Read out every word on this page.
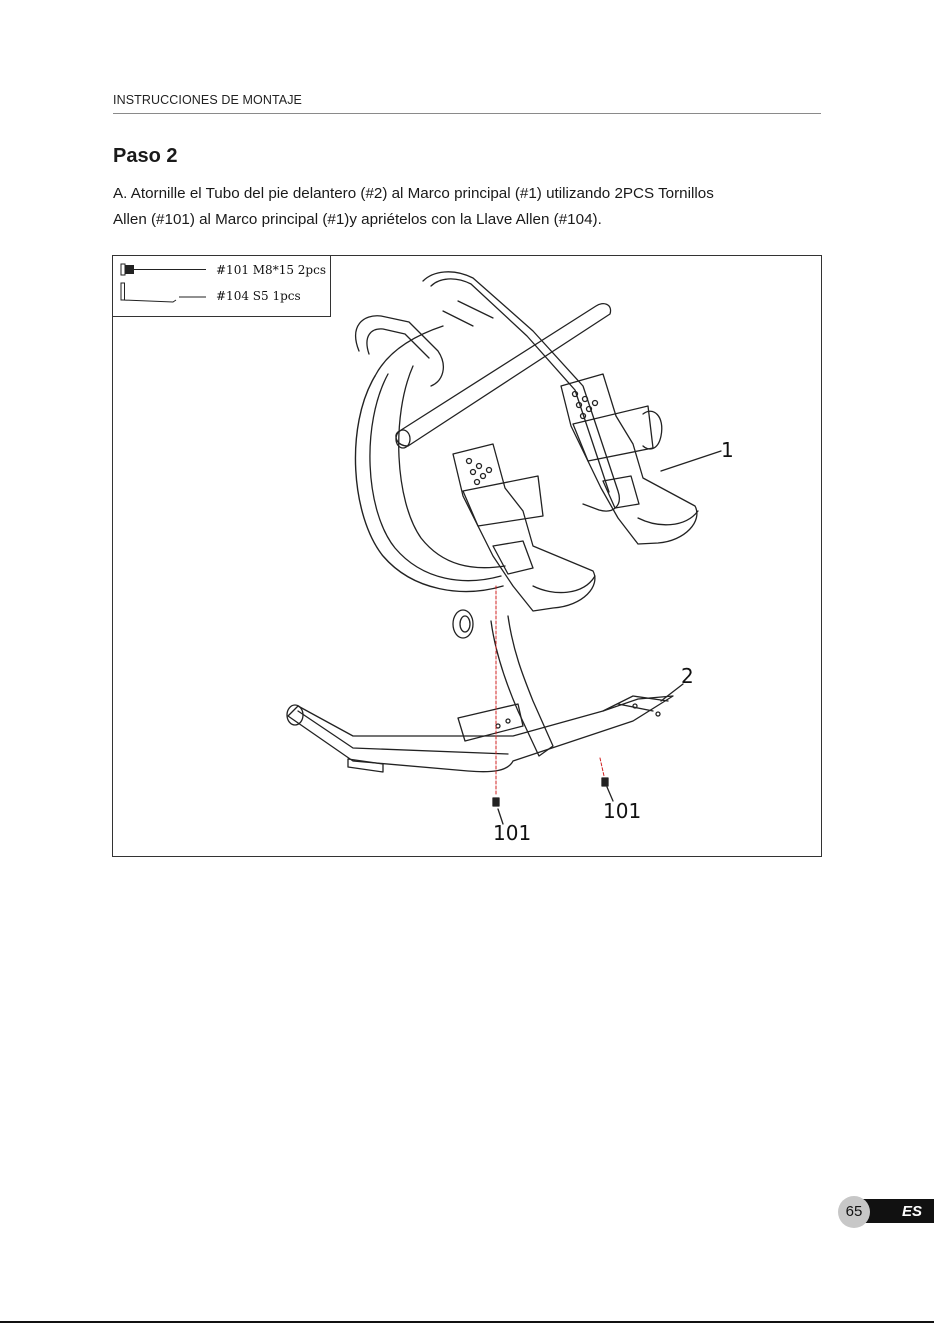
INSTRUCCIONES DE MONTAJE
Paso 2

A. Atornille el Tubo del pie delantero (#2) al Marco principal (#1) utilizando 2PCS Tornillos

Allen (#101) al Marco principal (#1)y apriételos con la Llave Allen (#104).

#101 M8*15 2pcs
#104 S5 1pcs
1
2
101
101
ES
65
